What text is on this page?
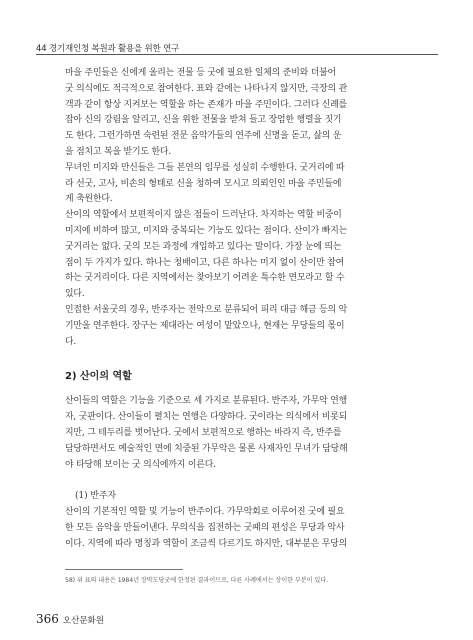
44 경기재인청 복원과 활용을 위한 연구

마을 주민들은 신에게 올리는 전물 등 굿에 필요한 일체의 준비와 더불어
굿 의식에도 적극적으로 참여한다. 표와 같에는 나타나지 않지만, 극장의 관
객과 같이 항상 지켜보는 역할을 하는 존재가 마을 주민이다. 그러다 신례를
잡아 신의 강림을 알리고, 신을 위한 전물을 받쳐 들고 장엄한 행렬을 짓기
도 한다. 그런가하면 숙련된 전문 음악가들의 연주에 신명을 돋고, 삶의 운
을 점치고 복을 받기도 한다.

무녀인 미지와 만신들은 그들 본연의 임무를 성실히 수행한다. 굿거리에 따
라 선굿, 고사, 비손의 형태로 신을 청하여 모시고 의뢰인인 마을 주민들에
게 축원한다.

산이의 역할에서 보편적이지 않은 점들이 드러난다. 차지하는 역할 비중이
미지에 비하여 많고, 미지와 중복되는 기능도 있다는 점이다. 산이가 빠지는
굿거리는 없다. 굿의 모든 과정에 개입하고 있다는 말이다. 가장 눈에 띄는
점이 두 가지가 있다. 하나는 청배이고, 다른 하나는 미지 없이 산이만 참여
하는 굿거리이다. 다른 지역에서는 찾아보기 어려운 특수한 면모라고 할 수
있다.

인접한 서울굿의 경우, 반주자는 전악으로 분류되어 피리 대금 해금 등의 악
기만을 연주한다. 장구는 제대라는 여성이 맡았으나, 현재는 무당들의 몫이
다.

2) 산이의 역할

산이들의 역할은 기능을 기준으로 세 가지로 분류된다. 반주자, 가무악 연행
자, 굿판이다. 산이들이 펼치는 연행은 다양하다. 굿이라는 의식에서 비롯되
지만, 그 테두리를 벗어난다. 굿에서 보편적으로 행하는 바라지 즉, 반주를
담당하면서도 예술적인 면에 치중된 가무악은 물론 사재자인 무녀가 담당해
야 타당해 보이는 굿 의식에까지 이른다.

(1) 반주자

산이의 기본적인 역할 및 기능이 반주이다. 가무악회로 이루어진 굿에 필요
한 모든 음악을 만들어낸다. 무의식을 집전하는 굿패의 편성은 무당과 악사
이다. 지역에 따라 명칭과 역할이 조금씩 다르기도 하지만, 대부분은 무당의

58) 위 표의 내용은 1984년 장막도당굿에 한정된 결과이므로, 다른 사례에서는 상이한 부분이 있다.
366 오산문화원
